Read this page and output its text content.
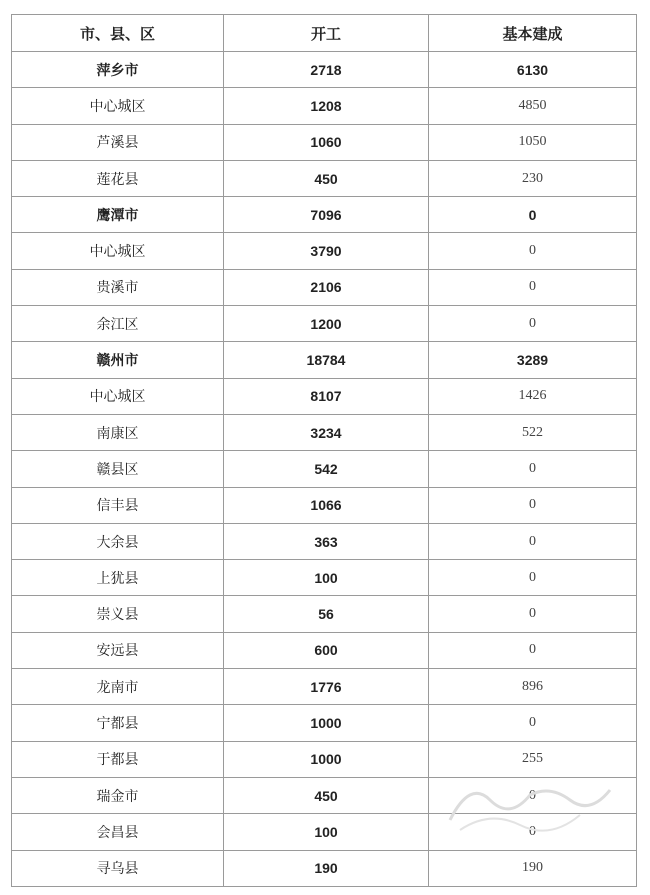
市、县、区	开工	基本建成
萍乡市	2718	6130
中心城区	1208	4850
芦溪县	1060	1050
莲花县	450	230
鹰潭市	7096	0
中心城区	3790	0
贵溪市	2106	0
余江区	1200	0
赣州市	18784	3289
中心城区	8107	1426
南康区	3234	522
赣县区	542	0
信丰县	1066	0
大余县	363	0
上犹县	100	0
崇义县	56	0
安远县	600	0
龙南市	1776	896
宁都县	1000	0
于都县	1000	255
瑞金市	450	0
会昌县	100	0
寻乌县	190	190
